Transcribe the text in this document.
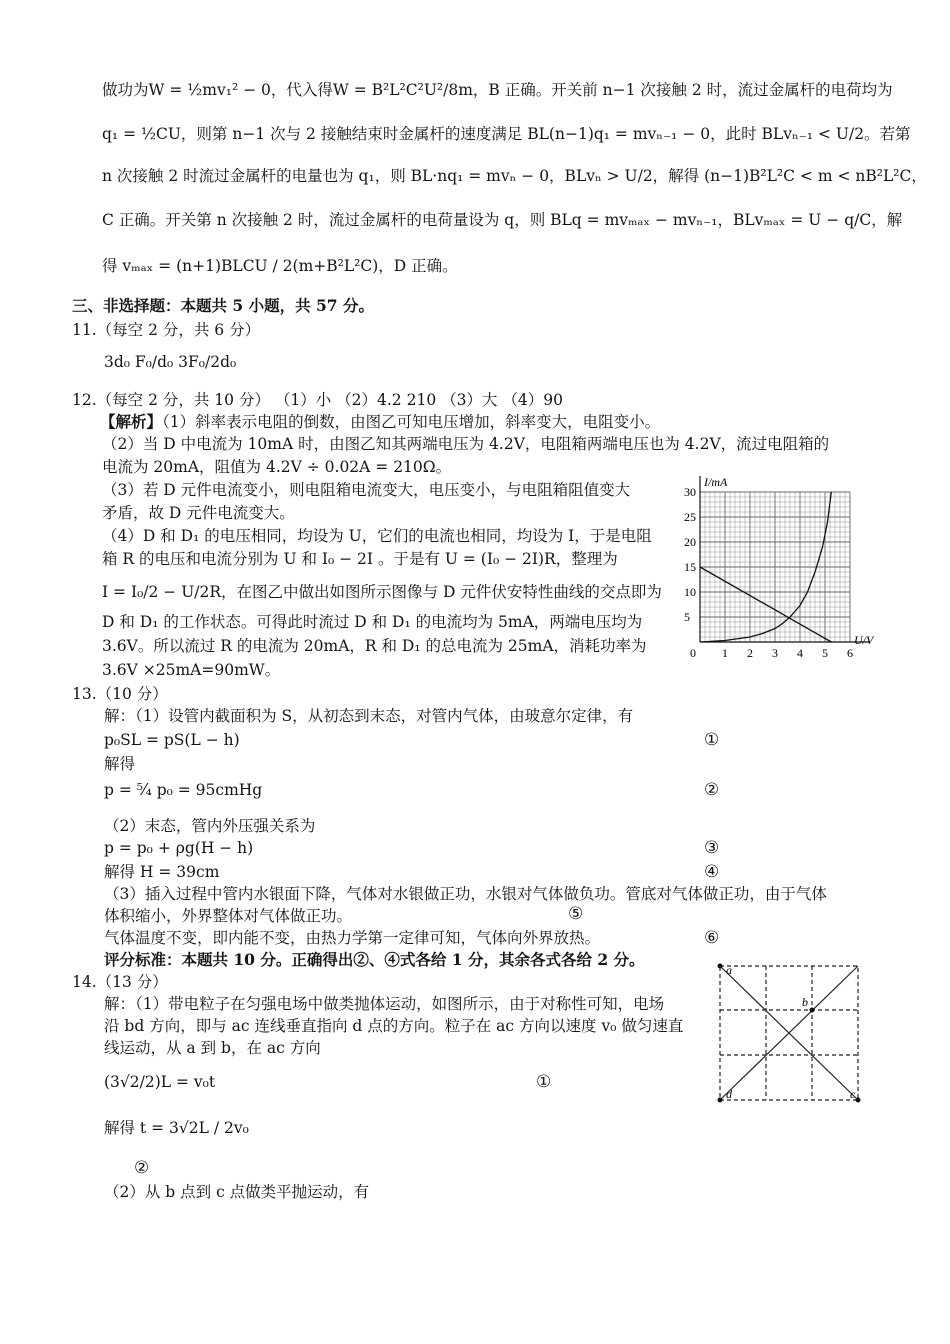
做功为W = ½mv₁² − 0，代入得W = B²L²C²U²/8m，B 正确。开关前 n−1 次接触 2 时，流过金属杆的电荷均为
q₁ = ½CU，则第 n−1 次与 2 接触结束时金属杆的速度满足 BL(n−1)q₁ = mvₙ₋₁ − 0，此时 BLvₙ₋₁ < U/2。若第
n 次接触 2 时流过金属杆的电量也为 q₁，则 BL·nq₁ = mvₙ − 0，BLvₙ > U/2，解得 (n−1)B²L²C < m < nB²L²C，
C 正确。开关第 n 次接触 2 时，流过金属杆的电荷量设为 q，则 BLq = mvₘₐₓ − mvₙ₋₁，BLvₘₐₓ = U − q/C，解
得 vₘₐₓ = (n+1)BLCU / 2(m+B²L²C)，D 正确。
三、非选择题：本题共 5 小题，共 57 分。
11.（每空 2 分，共 6 分）
3d₀ F₀/d₀ 3F₀/2d₀
12.（每空 2 分，共 10 分） （1）小 （2）4.2 210 （3）大 （4）90
【解析】（1）斜率表示电阻的倒数，由图乙可知电压增加，斜率变大，电阻变小。
（2）当 D 中电流为 10mA 时，由图乙知其两端电压为 4.2V，电阻箱两端电压也为 4.2V，流过电阻箱的
电流为 20mA，阻值为 4.2V ÷ 0.02A = 210Ω。
（3）若 D 元件电流变小，则电阻箱电流变大，电压变小，与电阻箱阻值变大
矛盾，故 D 元件电流变大。
（4）D 和 D₁ 的电压相同，均设为 U，它们的电流也相同，均设为 I，于是电阻
箱 R 的电压和电流分别为 U 和 I₀ − 2I 。于是有 U = (I₀ − 2I)R，整理为
I = I₀/2 − U/2R，在图乙中做出如图所示图像与 D 元件伏安特性曲线的交点即为
D 和 D₁ 的工作状态。可得此时流过 D 和 D₁ 的电流均为 5mA，两端电压均为
3.6V。所以流过 R 的电流为 20mA，R 和 D₁ 的总电流为 25mA，消耗功率为
3.6V ×25mA=90mW。
0 1 2 3 4 5 6
5
10
15
20
25
30
I/mA
U/V
13.（10 分）
解：（1）设管内截面积为 S，从初态到末态，对管内气体，由玻意尔定律，有
p₀SL = pS(L − h)	①
解得
p = ⁵⁄₄ p₀ = 95cmHg	②
（2）末态，管内外压强关系为
p = p₀ + ρg(H − h)	③
解得 H = 39cm	④
（3）插入过程中管内水银面下降，气体对水银做正功，水银对气体做负功。管底对气体做正功，由于气体
体积缩小，外界整体对气体做正功。	⑤
气体温度不变，即内能不变，由热力学第一定律可知，气体向外界放热。	⑥
评分标准：本题共 10 分。正确得出②、④式各给 1 分，其余各式各给 2 分。
14.（13 分）
解：（1）带电粒子在匀强电场中做类抛体运动，如图所示，由于对称性可知，电场
沿 bd 方向，即与 ac 连线垂直指向 d 点的方向。粒子在 ac 方向以速度 v₀ 做匀速直
线运动，从 a 到 b，在 ac 方向
(3√2/2)L = v₀t	①
解得 t = 3√2L / 2v₀
②
（2）从 b 点到 c 点做类平抛运动，有
a
b
c
d
